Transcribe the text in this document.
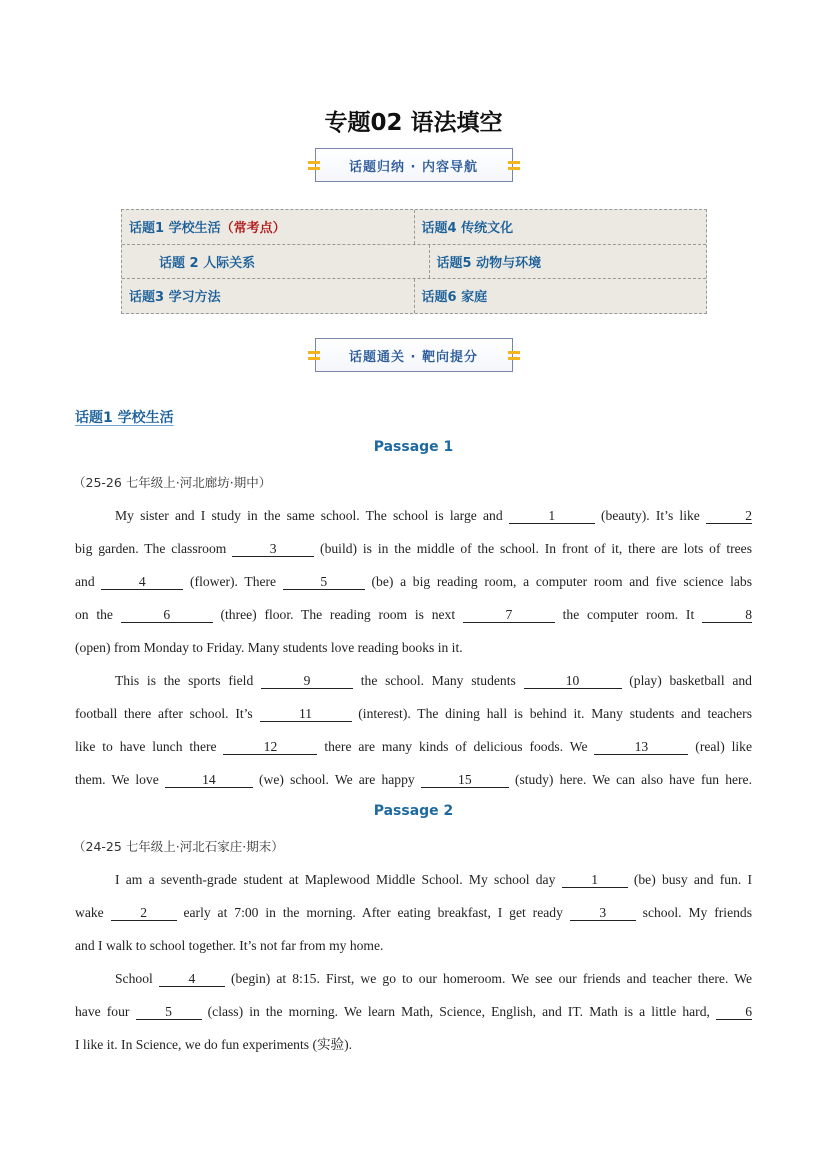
专题02 语法填空
话题归纳 · 内容导航
话题1 学校生活 （常考点）	话题4 传统文化
话题 2 人际关系	话题5 动物与环境
话题3 学习方法	话题6 家庭
话题通关 · 靶向提分
话题1 学校生活
Passage 1
（25-26 七年级上·河北廊坊·期中）
My sister and I study in the same school. The school is large and	1	(beauty). It’s like	2
big garden. The classroom	3	(build) is in the middle of the school. In front of it, there are lots of trees
and	4	(flower). There	5	(be) a big reading room, a computer room and five science labs
on the	6	(three) floor. The reading room is next	7	the computer room. It	8
(open) from Monday to Friday. Many students love reading books in it.
This is the sports field	9	the school. Many students	10	(play) basketball and
football there after school. It’s	11	(interest). The dining hall is behind it. Many students and teachers
like to have lunch there	12	there are many kinds of delicious foods. We	13	(real) like
them. We love	14	(we) school. We are happy	15	(study) here. We can also have fun here.
Passage 2
（24-25 七年级上·河北石家庄·期末）
I am a seventh-grade student at Maplewood Middle School. My school day 1 (be) busy and fun. I
wake 2 early at 7:00 in the morning. After eating breakfast, I get ready 3 school. My friends
and I walk to school together. It’s not far from my home.
School 4 (begin) at 8:15. First, we go to our homeroom. We see our friends and teacher there. We
have four 5 (class) in the morning. We learn Math, Science, English, and IT. Math is a little hard, 6
I like it. In Science, we do fun experiments (实验).
